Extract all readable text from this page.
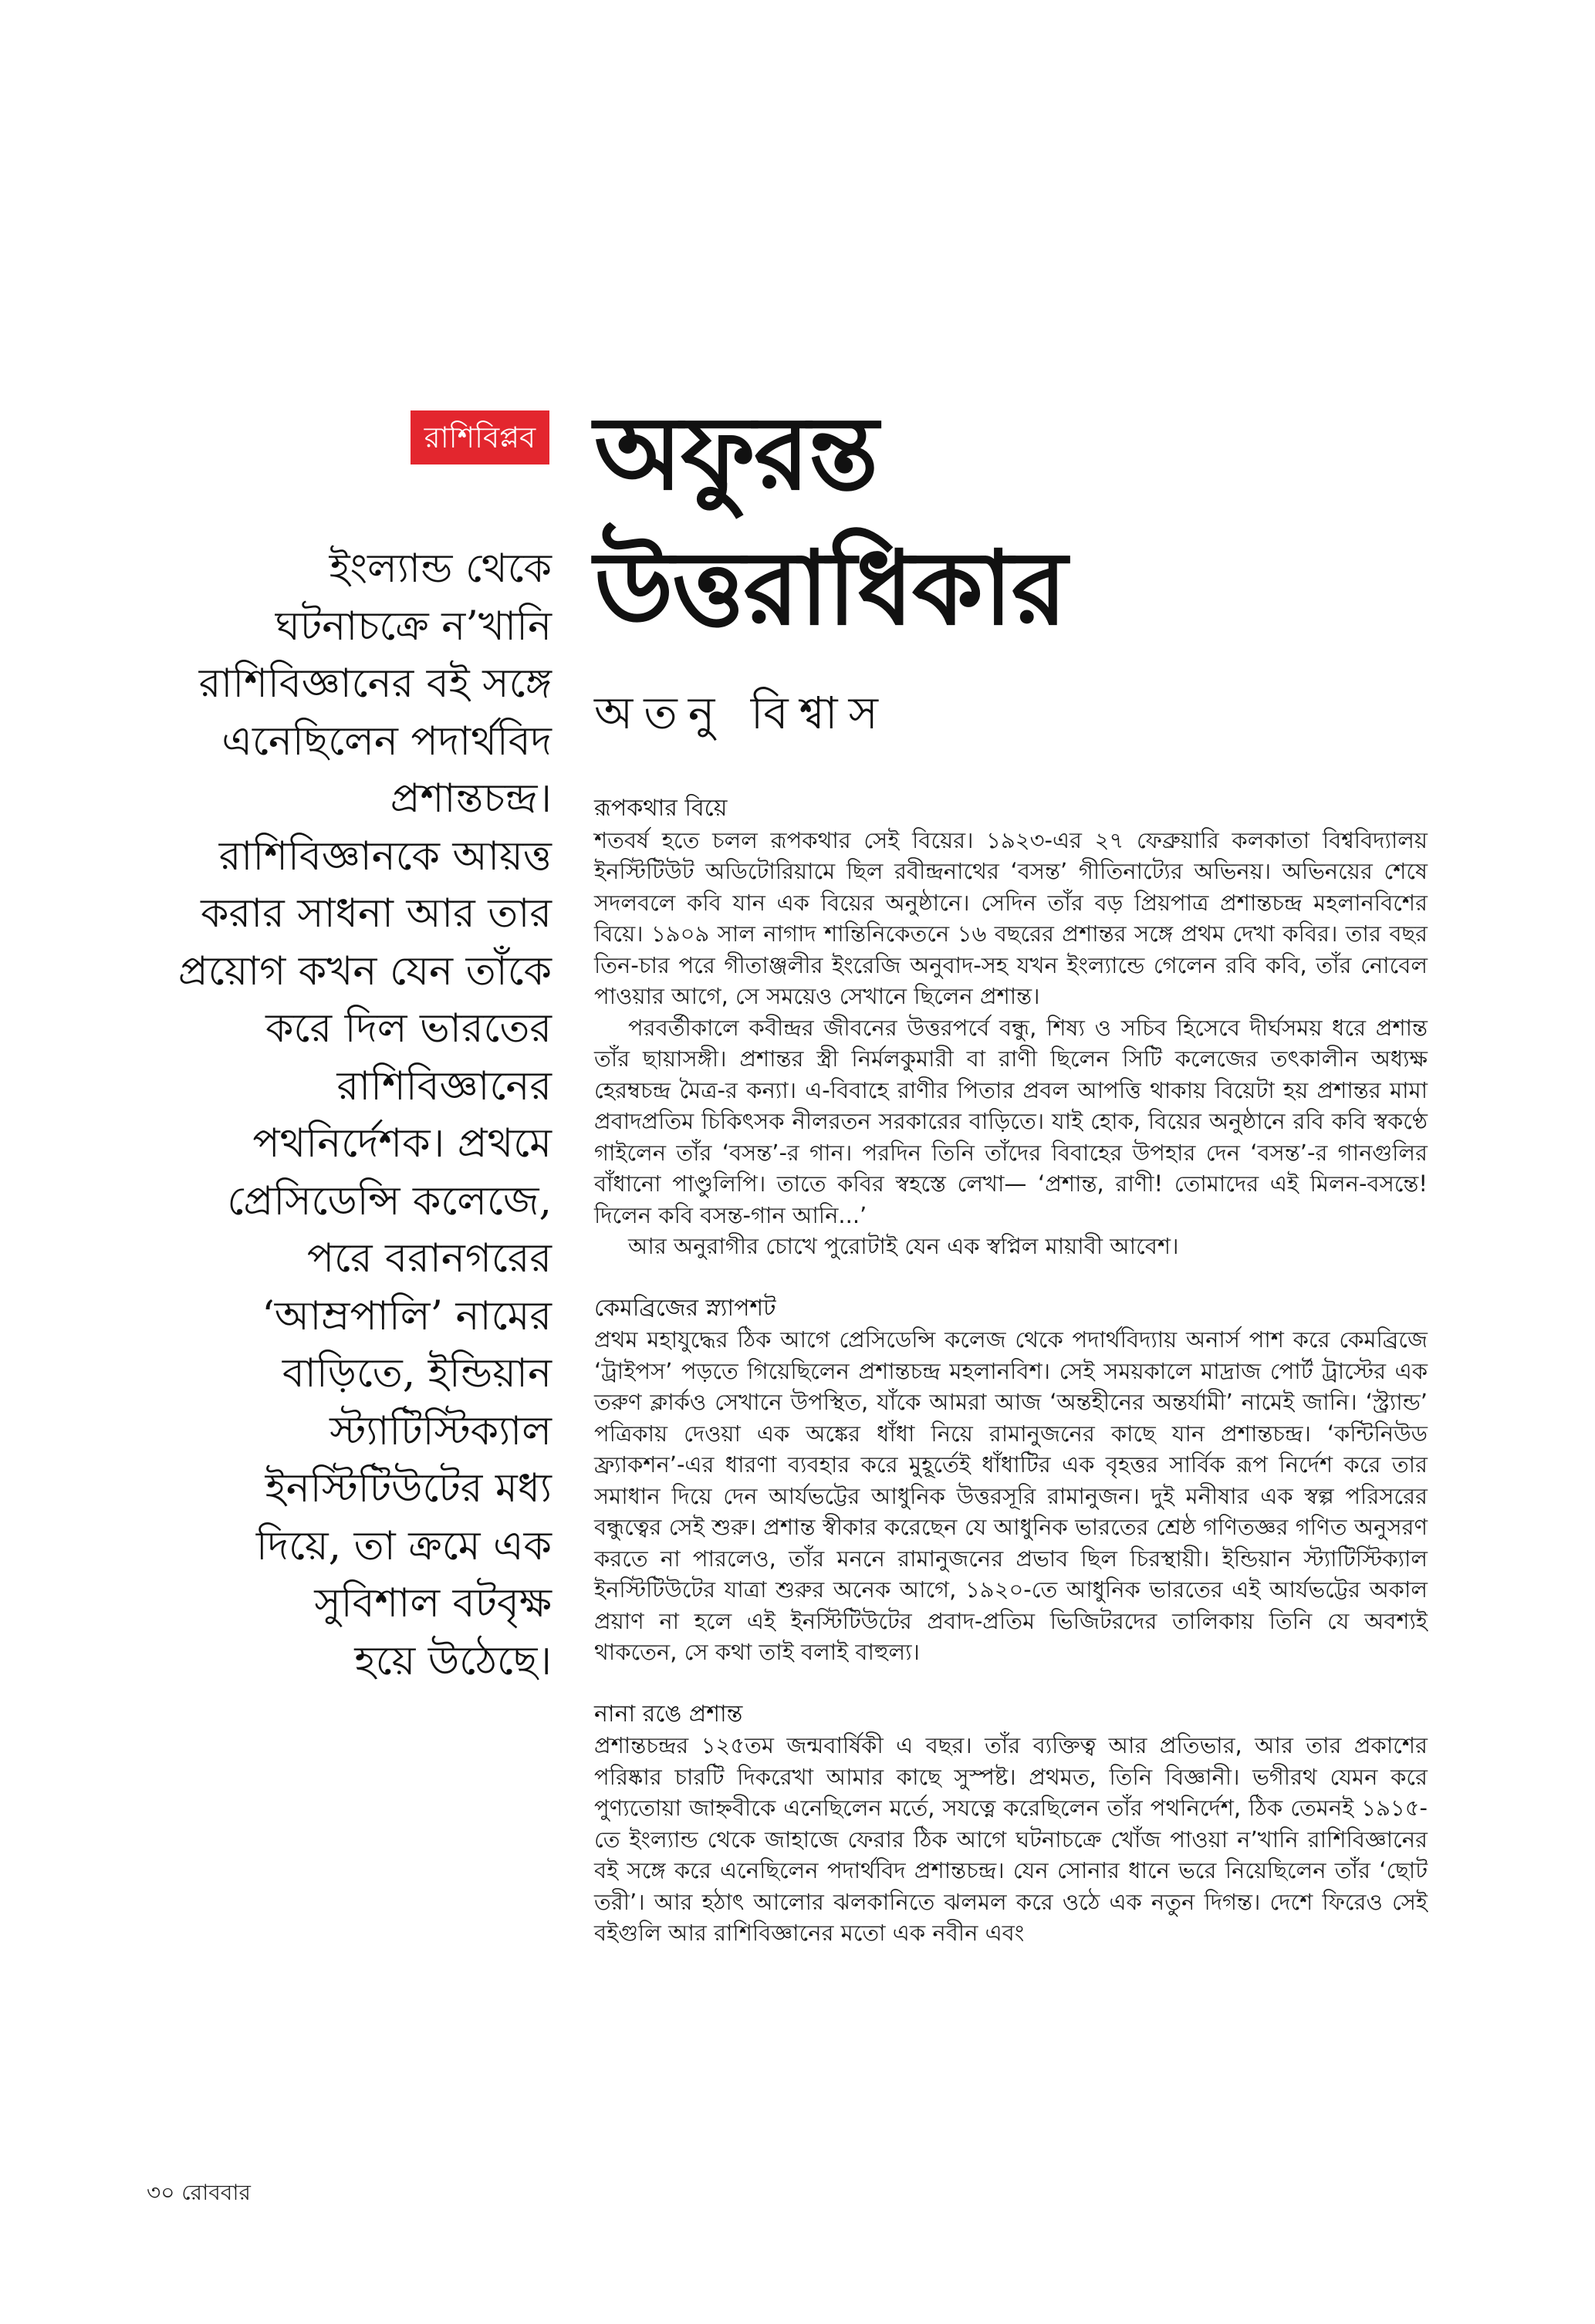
রাশিবিপ্লব অফুরন্ত
উত্তরাধিকার
অতনু বিশ্বাস
ইংল্যান্ড থেকে
ঘটনাচক্রে ন’খানি
রাশিবিজ্ঞানের বই সঙ্গে
এনেছিলেন পদার্থবিদ
প্রশান্তচন্দ্র।
রাশিবিজ্ঞানকে আয়ত্ত
করার সাধনা আর তার
প্রয়োগ কখন যেন তাঁকে
করে দিল ভারতের
রাশিবিজ্ঞানের
পথনির্দেশক। প্রথমে
প্রেসিডেন্সি কলেজে,
পরে বরানগরের
‘আম্রপালি’ নামের
বাড়িতে, ইন্ডিয়ান
স্ট্যাটিস্টিক্যাল
ইনস্টিটিউটের মধ্য
দিয়ে, তা ক্রমে এক
সুবিশাল বটবৃক্ষ
হয়ে উঠেছে।
রূপকথার বিয়ে

শতবর্ষ হতে চলল রূপকথার সেই বিয়ের। ১৯২৩-এর ২৭ ফেব্রুয়ারি কলকাতা বিশ্ববিদ্যালয় ইনস্টিটিউট অডিটোরিয়ামে ছিল রবীন্দ্রনাথের ‘বসন্ত’ গীতিনাট্যের অভিনয়। অভিনয়ের শেষে সদলবলে কবি যান এক বিয়ের অনুষ্ঠানে। সেদিন তাঁর বড় প্রিয়পাত্র প্রশান্তচন্দ্র মহলানবিশের বিয়ে। ১৯০৯ সাল নাগাদ শান্তিনিকেতনে ১৬ বছরের প্রশান্তর সঙ্গে প্রথম দেখা কবির। তার বছর তিন-চার পরে গীতাঞ্জলীর ইংরেজি অনুবাদ-সহ যখন ইংল্যান্ডে গেলেন রবি কবি, তাঁর নোবেল পাওয়ার আগে, সে সময়েও সেখানে ছিলেন প্রশান্ত।

পরবর্তীকালে কবীন্দ্রর জীবনের উত্তরপর্বে বন্ধু, শিষ্য ও সচিব হিসেবে দীর্ঘসময় ধরে প্রশান্ত তাঁর ছায়াসঙ্গী। প্রশান্তর স্ত্রী নির্মলকুমারী বা রাণী ছিলেন সিটি কলেজের তৎকালীন অধ্যক্ষ হেরম্বচন্দ্র মৈত্র-র কন্যা। এ-বিবাহে রাণীর পিতার প্রবল আপত্তি থাকায় বিয়েটা হয় প্রশান্তর মামা প্রবাদপ্রতিম চিকিৎসক নীলরতন সরকারের বাড়িতে। যাই হোক, বিয়ের অনুষ্ঠানে রবি কবি স্বকণ্ঠে গাইলেন তাঁর ‘বসন্ত’-র গান। পরদিন তিনি তাঁদের বিবাহের উপহার দেন ‘বসন্ত’-র গানগুলির বাঁধানো পাণ্ডুলিপি। তাতে কবির স্বহস্তে লেখা— ‘প্রশান্ত, রাণী! তোমাদের এই মিলন-বসন্তে! দিলেন কবি বসন্ত-গান আনি...’

আর অনুরাগীর চোখে পুরোটাই যেন এক স্বপ্নিল মায়াবী আবেশ।

কেমব্রিজের স্ন্যাপশট

প্রথম মহাযুদ্ধের ঠিক আগে প্রেসিডেন্সি কলেজ থেকে পদার্থবিদ্যায় অনার্স পাশ করে কেমব্রিজে ‘ট্রাইপস’ পড়তে গিয়েছিলেন প্রশান্তচন্দ্র মহলানবিশ। সেই সময়কালে মাদ্রাজ পোর্ট ট্রাস্টের এক তরুণ ক্লার্কও সেখানে উপস্থিত, যাঁকে আমরা আজ ‘অন্তহীনের অন্তর্যামী’ নামেই জানি। ‘স্ট্র্যান্ড’ পত্রিকায় দেওয়া এক অঙ্কের ধাঁধা নিয়ে রামানুজনের কাছে যান প্রশান্তচন্দ্র। ‘কন্টিনিউড ফ্র্যাকশন’-এর ধারণা ব্যবহার করে মুহূর্তেই ধাঁধাটির এক বৃহত্তর সার্বিক রূপ নির্দেশ করে তার সমাধান দিয়ে দেন আর্যভট্টের আধুনিক উত্তরসূরি রামানুজন। দুই মনীষার এক স্বল্প পরিসরের বন্ধুত্বের সেই শুরু। প্রশান্ত স্বীকার করেছেন যে আধুনিক ভারতের শ্রেষ্ঠ গণিতজ্ঞর গণিত অনুসরণ করতে না পারলেও, তাঁর মননে রামানুজনের প্রভাব ছিল চিরস্থায়ী। ইন্ডিয়ান স্ট্যাটিস্টিক্যাল ইনস্টিটিউটের যাত্রা শুরুর অনেক আগে, ১৯২০-তে আধুনিক ভারতের এই আর্যভট্টের অকাল প্রয়াণ না হলে এই ইনস্টিটিউটের প্রবাদ-প্রতিম ভিজিটরদের তালিকায় তিনি যে অবশ্যই থাকতেন, সে কথা তাই বলাই বাহুল্য।

নানা রঙে প্রশান্ত

প্রশান্তচন্দ্রর ১২৫তম জন্মবার্ষিকী এ বছর। তাঁর ব্যক্তিত্ব আর প্রতিভার, আর তার প্রকাশের পরিষ্কার চারটি দিকরেখা আমার কাছে সুস্পষ্ট। প্রথমত, তিনি বিজ্ঞানী। ভগীরথ যেমন করে পুণ্যতোয়া জাহ্নবীকে এনেছিলেন মর্তে, সযত্নে করেছিলেন তাঁর পথনির্দেশ, ঠিক তেমনই ১৯১৫-তে ইংল্যান্ড থেকে জাহাজে ফেরার ঠিক আগে ঘটনাচক্রে খোঁজ পাওয়া ন’খানি রাশিবিজ্ঞানের বই সঙ্গে করে এনেছিলেন পদার্থবিদ প্রশান্তচন্দ্র। যেন সোনার ধানে ভরে নিয়েছিলেন তাঁর ‘ছোট তরী’। আর হঠাৎ আলোর ঝলকানিতে ঝলমল করে ওঠে এক নতুন দিগন্ত। দেশে ফিরেও সেই বইগুলি আর রাশিবিজ্ঞানের মতো এক নবীন এবং

৩০ রোববার
